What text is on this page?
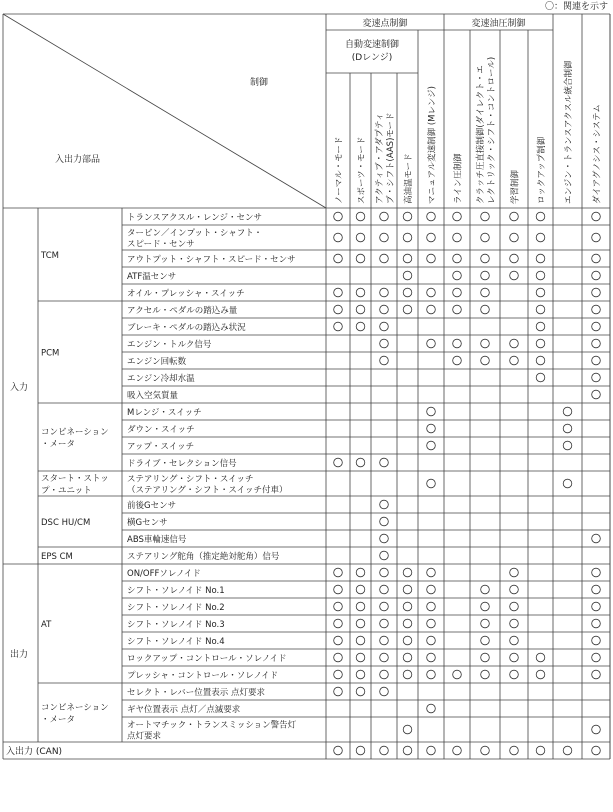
〇：関連を示す
変速点制御	変速油圧制御
自動変速制御
(Dレンジ)
制御
入出力部品	ノーマル・モード スポーツ・モード アクティブ・アダプティ ブ・シフト(AAS)モード 高油温モード マニュアル変速制御 (Mレンジ) ライン圧制御 クラッチ圧直接制御(ダイレクト・エ レクトリック・シフト・コントロール) 学習制御 ロックアップ制御 エンジン・トランスアクスル統合制御 ダイアグノシス・システム
入力
出力
入出力 (CAN)
TCM
PCM
コンビネーション
・メータ
スタート・ストッ
プ・ユニット
DSC HU/CM
EPS CM
AT
コンビネーション
・メータ
トランスアクスル・レンジ・センサ
タービン／インプット・シャフト・
スピード・センサ
アウトプット・シャフト・スピード・センサ
ATF温センサ
オイル・プレッシャ・スイッチ
アクセル・ペダルの踏込み量
ブレーキ・ペダルの踏込み状況
エンジン・トルク信号
エンジン回転数
エンジン冷却水温
吸入空気質量
Mレンジ・スイッチ
ダウン・スイッチ
アップ・スイッチ
ドライブ・セレクション信号
ステアリング・シフト・スイッチ
（ステアリング・シフト・スイッチ付車）
前後Gセンサ
横Gセンサ
ABS車輪速信号
ステアリング舵角（推定絶対舵角）信号
ON/OFFソレノイド
シフト・ソレノイド No.1
シフト・ソレノイド No.2
シフト・ソレノイド No.3
シフト・ソレノイド No.4
ロックアップ・コントロール・ソレノイド
プレッシャ・コントロール・ソレノイド
セレクト・レバー位置表示 点灯要求
ギヤ位置表示 点灯／点滅要求
オートマチック・トランスミッション警告灯
点灯要求
